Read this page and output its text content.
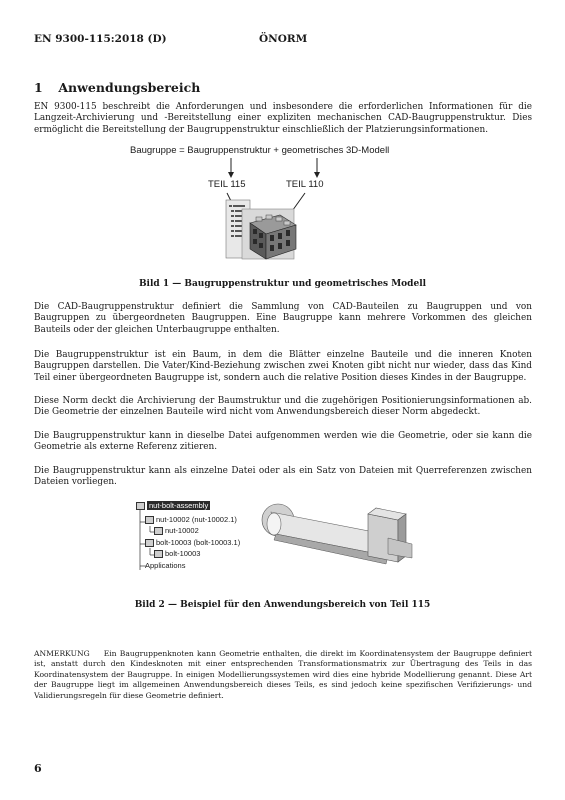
EN 9300-115:2018 (D)	ÖNORM
1 Anwendungsbereich

EN 9300-115 beschreibt die Anforderungen und insbesondere die erforderlichen Informationen für die Langzeit-Archivierung und -Bereitstellung einer expliziten mechanischen CAD-Baugruppenstruktur. Dies ermöglicht die Bereitstellung der Baugruppenstruktur einschließlich der Platzierungsinformationen.

Baugruppe = Baugruppenstruktur + geometrisches 3D-Modell
TEIL 115	TEIL 110
Bild 1 — Baugruppenstruktur und geometrisches Modell

Die CAD-Baugruppenstruktur definiert die Sammlung von CAD-Bauteilen zu Baugruppen und von Baugruppen zu übergeordneten Baugruppen. Eine Baugruppe kann mehrere Vorkommen des gleichen Bauteils oder der gleichen Unterbaugruppe enthalten.

Die Baugruppenstruktur ist ein Baum, in dem die Blätter einzelne Bauteile und die inneren Knoten Baugruppen darstellen. Die Vater/Kind-Beziehung zwischen zwei Knoten gibt nicht nur wieder, dass das Kind Teil einer übergeordneten Baugruppe ist, sondern auch die relative Position dieses Kindes in der Baugruppe.

Diese Norm deckt die Archivierung der Baumstruktur und die zugehörigen Positionierungsinformationen ab. Die Geometrie der einzelnen Bauteile wird nicht vom Anwendungsbereich dieser Norm abgedeckt.

Die Baugruppenstruktur kann in dieselbe Datei aufgenommen werden wie die Geometrie, oder sie kann die Geometrie als externe Referenz zitieren.

Die Baugruppenstruktur kann als einzelne Datei oder als ein Satz von Dateien mit Querreferenzen zwischen Dateien vorliegen.

nut-bolt-assembly
nut-10002 (nut-10002.1)
nut-10002
bolt-10003 (bolt-10003.1)
bolt-10003
Applications
Bild 2 — Beispiel für den Anwendungsbereich von Teil 115

ANMERKUNG Ein Baugruppenknoten kann Geometrie enthalten, die direkt im Koordinatensystem der Baugruppe definiert ist, anstatt durch den Kindesknoten mit einer entsprechenden Transformationsmatrix zur Übertragung des Teils in das Koordinatensystem der Baugruppe. In einigen Modellierungssystemen wird dies eine hybride Modellierung genannt. Diese Art der Baugruppe liegt im allgemeinen Anwendungsbereich dieses Teils, es sind jedoch keine spezifischen Verifizierungs- und Validierungsregeln für diese Geometrie definiert.

6
